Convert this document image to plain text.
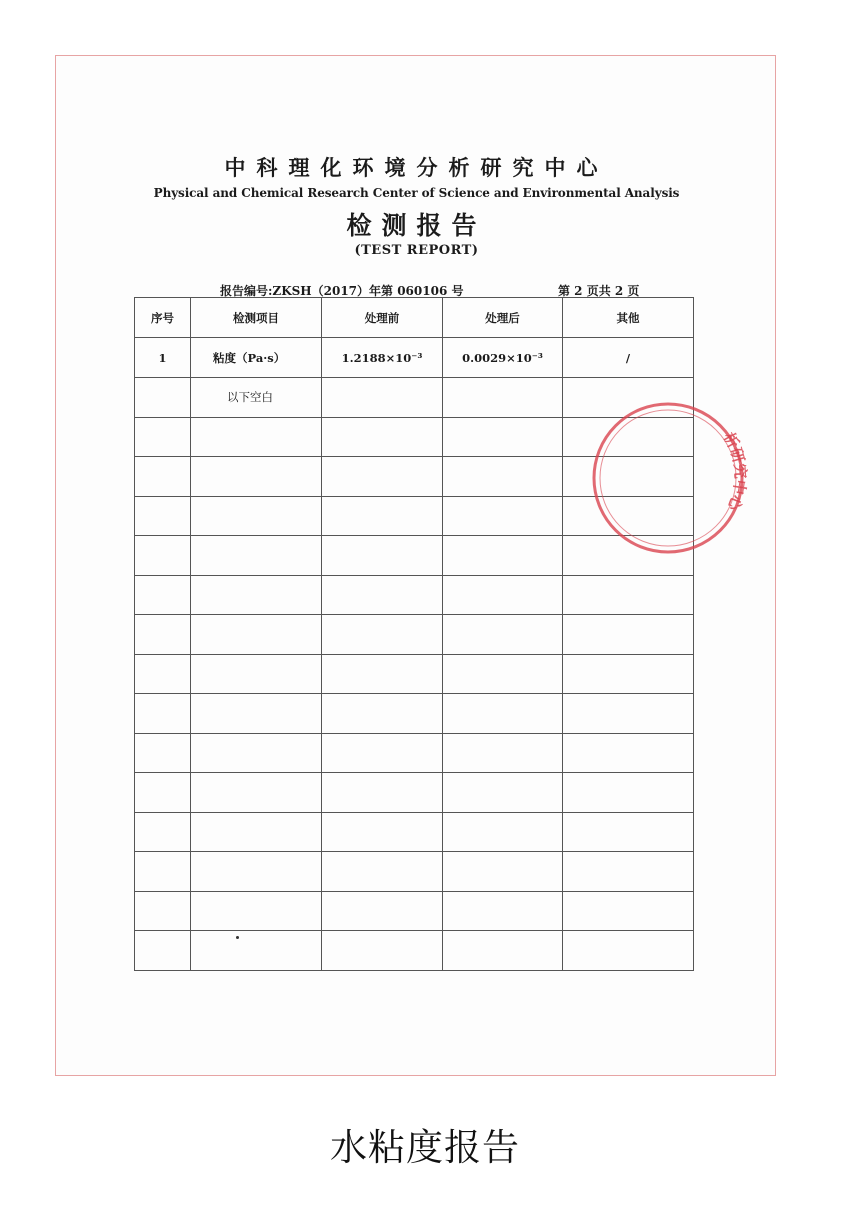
中科理化环境分析研究中心
Physical and Chemical Research Center of Science and Environmental Analysis
检测报告
(TEST REPORT)
报告编号:ZKSH（2017）年第 060106 号	第 2 页共 2 页
序号	检测项目	处理前	处理后	其他
1	粘度（Pa·s）	1.2188×10⁻³	0.0029×10⁻³	/
	以下空白			

析研究中心
水粘度报告
